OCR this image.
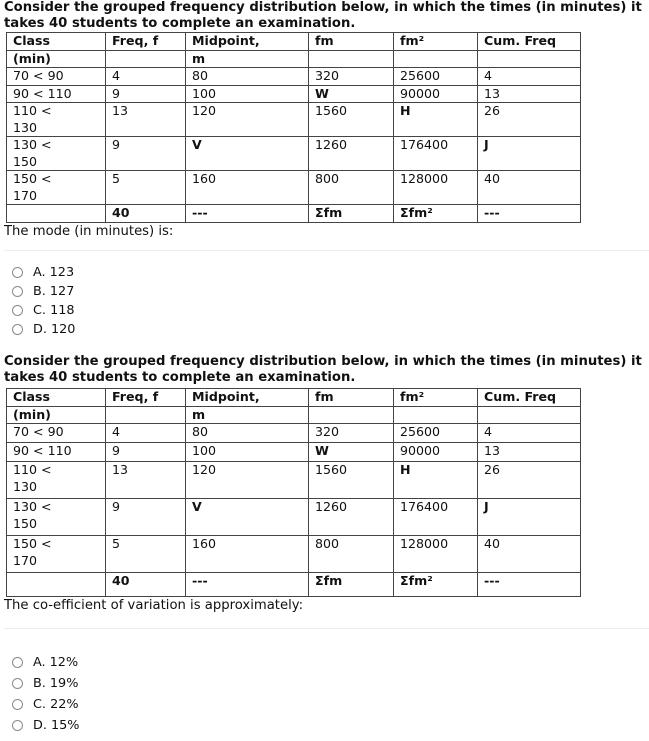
Consider the grouped frequency distribution below, in which the times (in minutes) it takes 40 students to complete an examination.

Class	Freq, f	Midpoint,	fm	fm²	Cum. Freq
(min)		m			
70 < 90	4	80	320	25600	4
90 < 110	9	100	W	90000	13
110 <
130	13	120	1560	H	26
130 <
150	9	V	1260	176400	J
150 <
170	5	160	800	128000	40
	40	---	Σfm	Σfm²	---

The mode (in minutes) is:

A. 123
B. 127
C. 118
D. 120

Consider the grouped frequency distribution below, in which the times (in minutes) it takes 40 students to complete an examination.

Class	Freq, f	Midpoint,	fm	fm²	Cum. Freq
(min)		m			
70 < 90	4	80	320	25600	4
90 < 110	9	100	W	90000	13
110 <
130	13	120	1560	H	26
130 <
150	9	V	1260	176400	J
150 <
170	5	160	800	128000	40
	40	---	Σfm	Σfm²	---

The co-efficient of variation is approximately:

A. 12%
B. 19%
C. 22%
D. 15%
